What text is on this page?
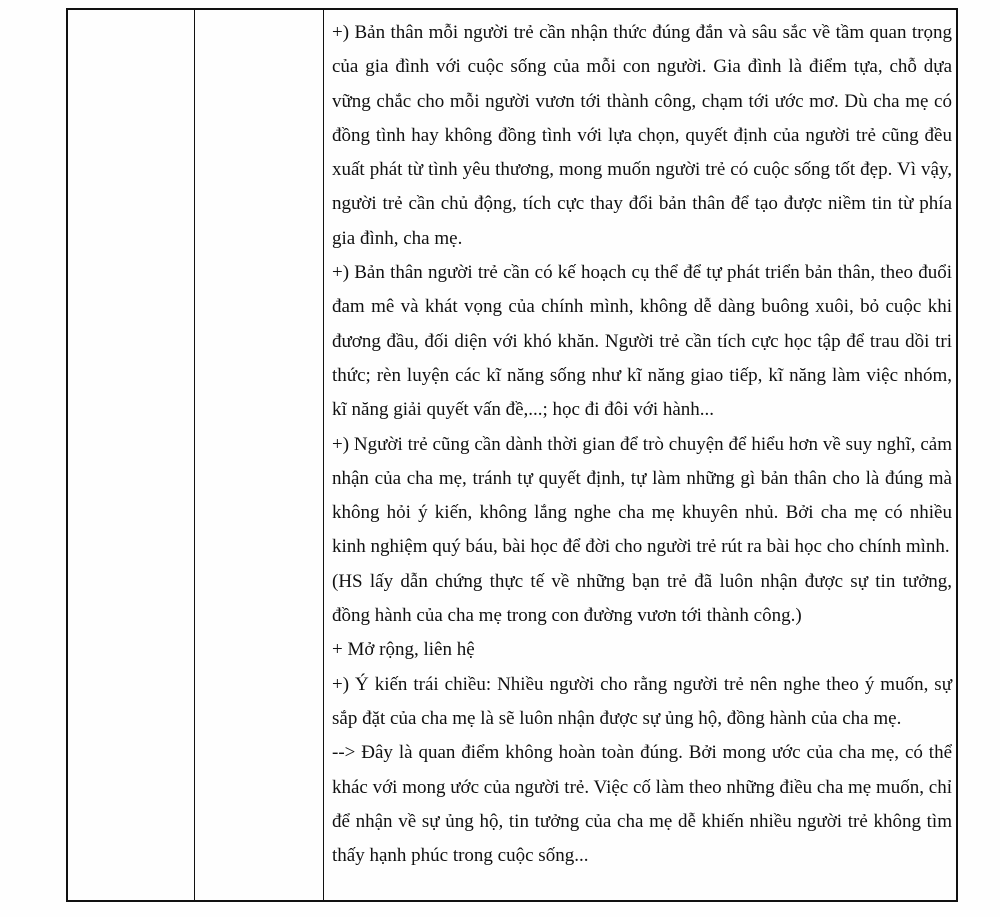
+) Bản thân mỗi người trẻ cần nhận thức đúng đắn và sâu sắc về tầm quan trọng của gia đình với cuộc sống của mỗi con người. Gia đình là điểm tựa, chỗ dựa vững chắc cho mỗi người vươn tới thành công, chạm tới ước mơ. Dù cha mẹ có đồng tình hay không đồng tình với lựa chọn, quyết định của người trẻ cũng đều xuất phát từ tình yêu thương, mong muốn người trẻ có cuộc sống tốt đẹp. Vì vậy, người trẻ cần chủ động, tích cực thay đổi bản thân để tạo được niềm tin từ phía gia đình, cha mẹ.

+) Bản thân người trẻ cần có kế hoạch cụ thể để tự phát triển bản thân, theo đuổi đam mê và khát vọng của chính mình, không dễ dàng buông xuôi, bỏ cuộc khi đương đầu, đối diện với khó khăn. Người trẻ cần tích cực học tập để trau dồi tri thức; rèn luyện các kĩ năng sống như kĩ năng giao tiếp, kĩ năng làm việc nhóm, kĩ năng giải quyết vấn đề,...; học đi đôi với hành...

+) Người trẻ cũng cần dành thời gian để trò chuyện để hiểu hơn về suy nghĩ, cảm nhận của cha mẹ, tránh tự quyết định, tự làm những gì bản thân cho là đúng mà không hỏi ý kiến, không lắng nghe cha mẹ khuyên nhủ. Bởi cha mẹ có nhiều kinh nghiệm quý báu, bài học để đời cho người trẻ rút ra bài học cho chính mình.

(HS lấy dẫn chứng thực tế về những bạn trẻ đã luôn nhận được sự tin tưởng, đồng hành của cha mẹ trong con đường vươn tới thành công.)

+ Mở rộng, liên hệ

+) Ý kiến trái chiều: Nhiều người cho rằng người trẻ nên nghe theo ý muốn, sự sắp đặt của cha mẹ là sẽ luôn nhận được sự ủng hộ, đồng hành của cha mẹ.

--> Đây là quan điểm không hoàn toàn đúng. Bởi mong ước của cha mẹ, có thể khác với mong ước của người trẻ. Việc cố làm theo những điều cha mẹ muốn, chỉ để nhận về sự ủng hộ, tin tưởng của cha mẹ dễ khiến nhiều người trẻ không tìm thấy hạnh phúc trong cuộc sống...
